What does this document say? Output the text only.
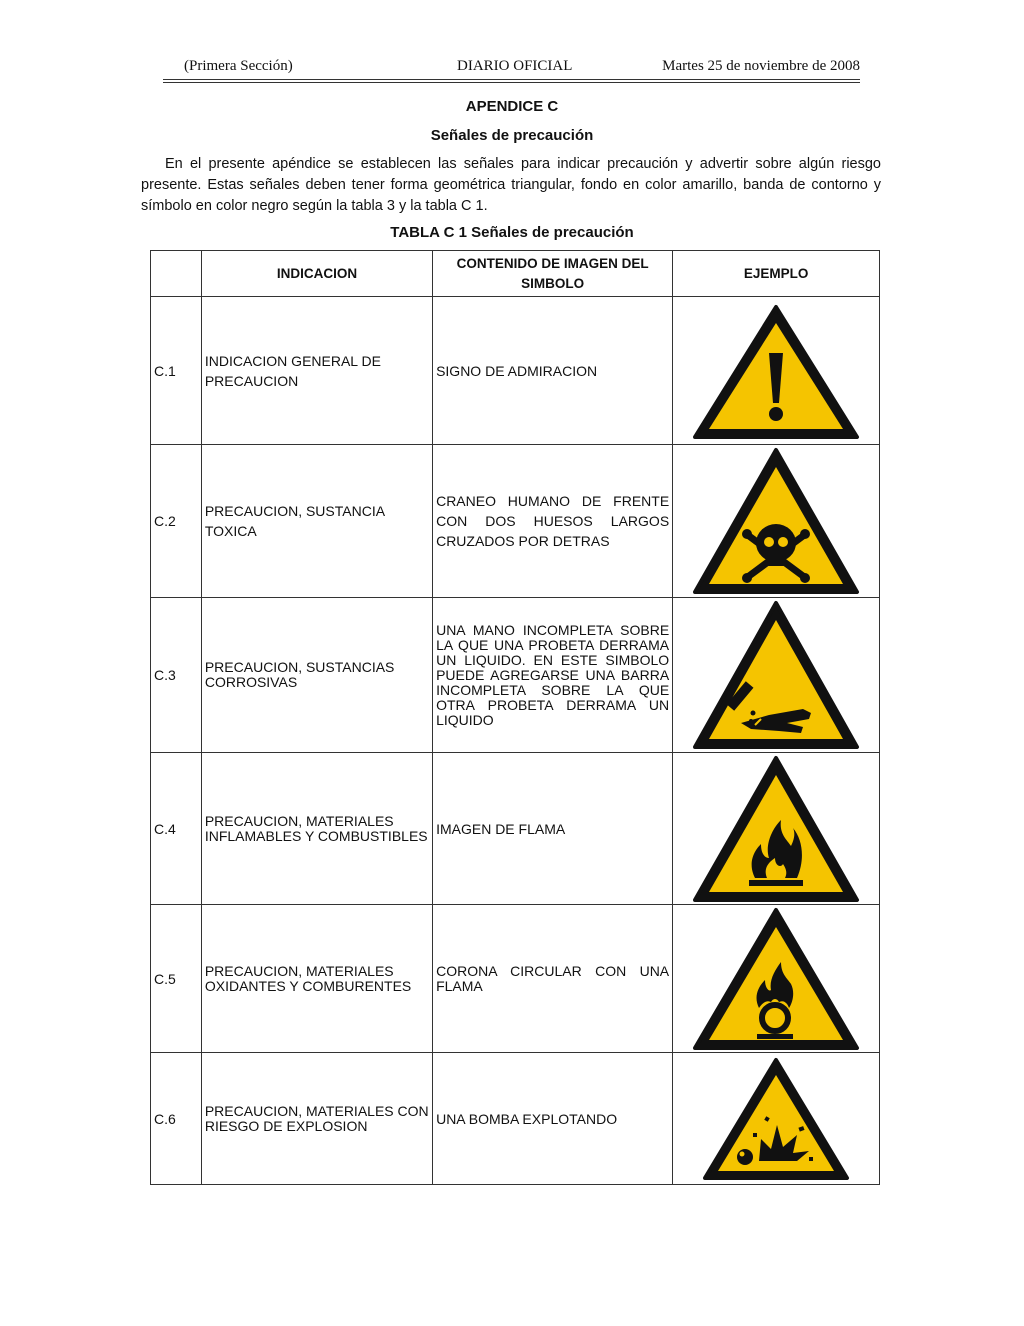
(Primera Sección)	DIARIO OFICIAL	Martes 25 de noviembre de 2008
APENDICE C
Señales de precaución
En el presente apéndice se establecen las señales para indicar precaución y advertir sobre algún riesgo presente. Estas señales deben tener forma geométrica triangular, fondo en color amarillo, banda de contorno y símbolo en color negro según la tabla 3 y la tabla C 1.
TABLA C 1 Señales de precaución
	INDICACION	CONTENIDO DE IMAGEN DEL SIMBOLO	EJEMPLO
C.1	INDICACION GENERAL DE PRECAUCION	SIGNO DE ADMIRACION	

C.2	PRECAUCION, SUSTANCIA TOXICA	CRANEO HUMANO DE FRENTE CON DOS HUESOS LARGOS CRUZADOS POR DETRAS	

C.3	PRECAUCION, SUSTANCIAS CORROSIVAS	UNA MANO INCOMPLETA SOBRE LA QUE UNA PROBETA DERRAMA UN LIQUIDO. EN ESTE SIMBOLO PUEDE AGREGARSE UNA BARRA INCOMPLETA SOBRE LA QUE OTRA PROBETA DERRAMA UN LIQUIDO	

C.4	PRECAUCION, MATERIALES INFLAMABLES Y COMBUSTIBLES	IMAGEN DE FLAMA	

C.5	PRECAUCION, MATERIALES OXIDANTES Y COMBURENTES	CORONA CIRCULAR CON UNA FLAMA	

C.6	PRECAUCION, MATERIALES CON RIESGO DE EXPLOSION	UNA BOMBA EXPLOTANDO	
